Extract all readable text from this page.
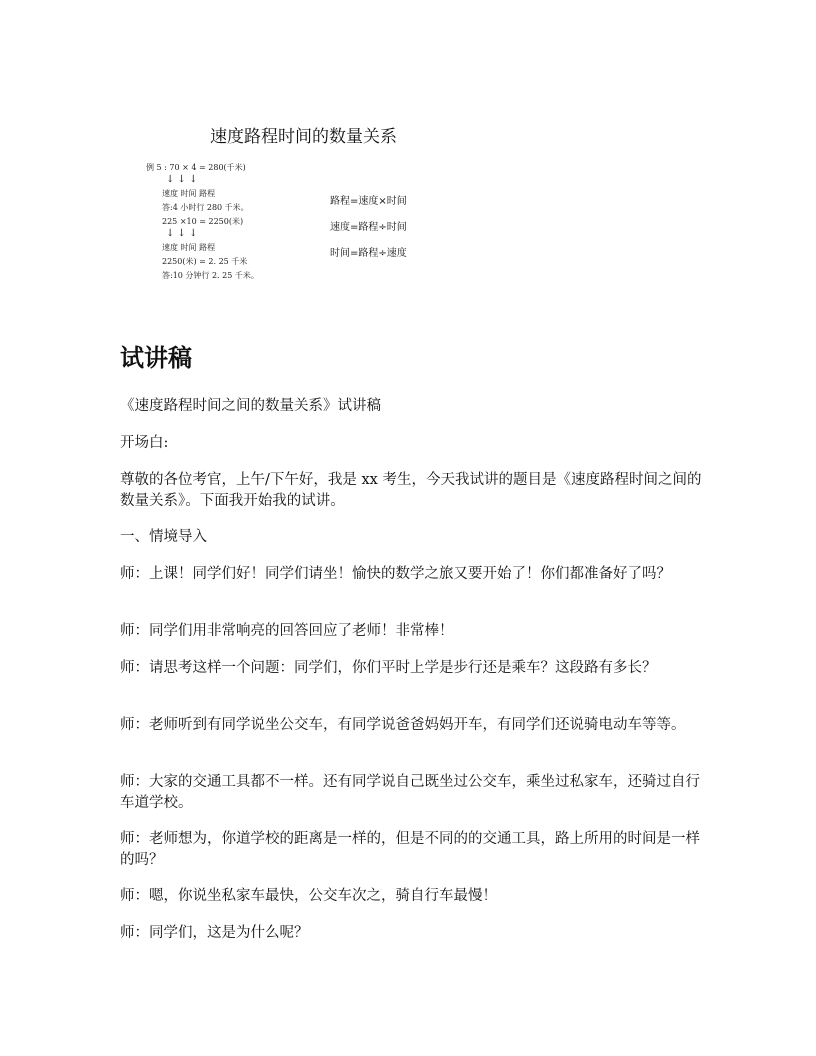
速度路程时间的数量关系
例 5 : 70 × 4 = 280(千米)
↓ ↓ ↓
速度 时间 路程
答:4 小时行 280 千米。
225 ×10 = 2250(米)
↓ ↓ ↓
速度 时间 路程
2250(米) = 2. 25 千米
答:10 分钟行 2. 25 千米。
路程=速度×时间
速度=路程÷时间
时间=路程÷速度
试讲稿

《速度路程时间之间的数量关系》试讲稿

开场白:

尊敬的各位考官，上午/下午好，我是 xx 考生，今天我试讲的题目是《速度路程时间之间的数量关系》。下面我开始我的试讲。

一、情境导入

师：上课！同学们好！同学们请坐！愉快的数学之旅又要开始了！你们都准备好了吗？

师：同学们用非常响亮的回答回应了老师！非常棒！

师：请思考这样一个问题：同学们，你们平时上学是步行还是乘车？这段路有多长？

师：老师听到有同学说坐公交车，有同学说爸爸妈妈开车，有同学们还说骑电动车等等。

师：大家的交通工具都不一样。还有同学说自己既坐过公交车，乘坐过私家车，还骑过自行车道学校。

师：老师想为，你道学校的距离是一样的，但是不同的的交通工具，路上所用的时间是一样的吗？

师：嗯，你说坐私家车最快，公交车次之，骑自行车最慢！

师：同学们，这是为什么呢？
